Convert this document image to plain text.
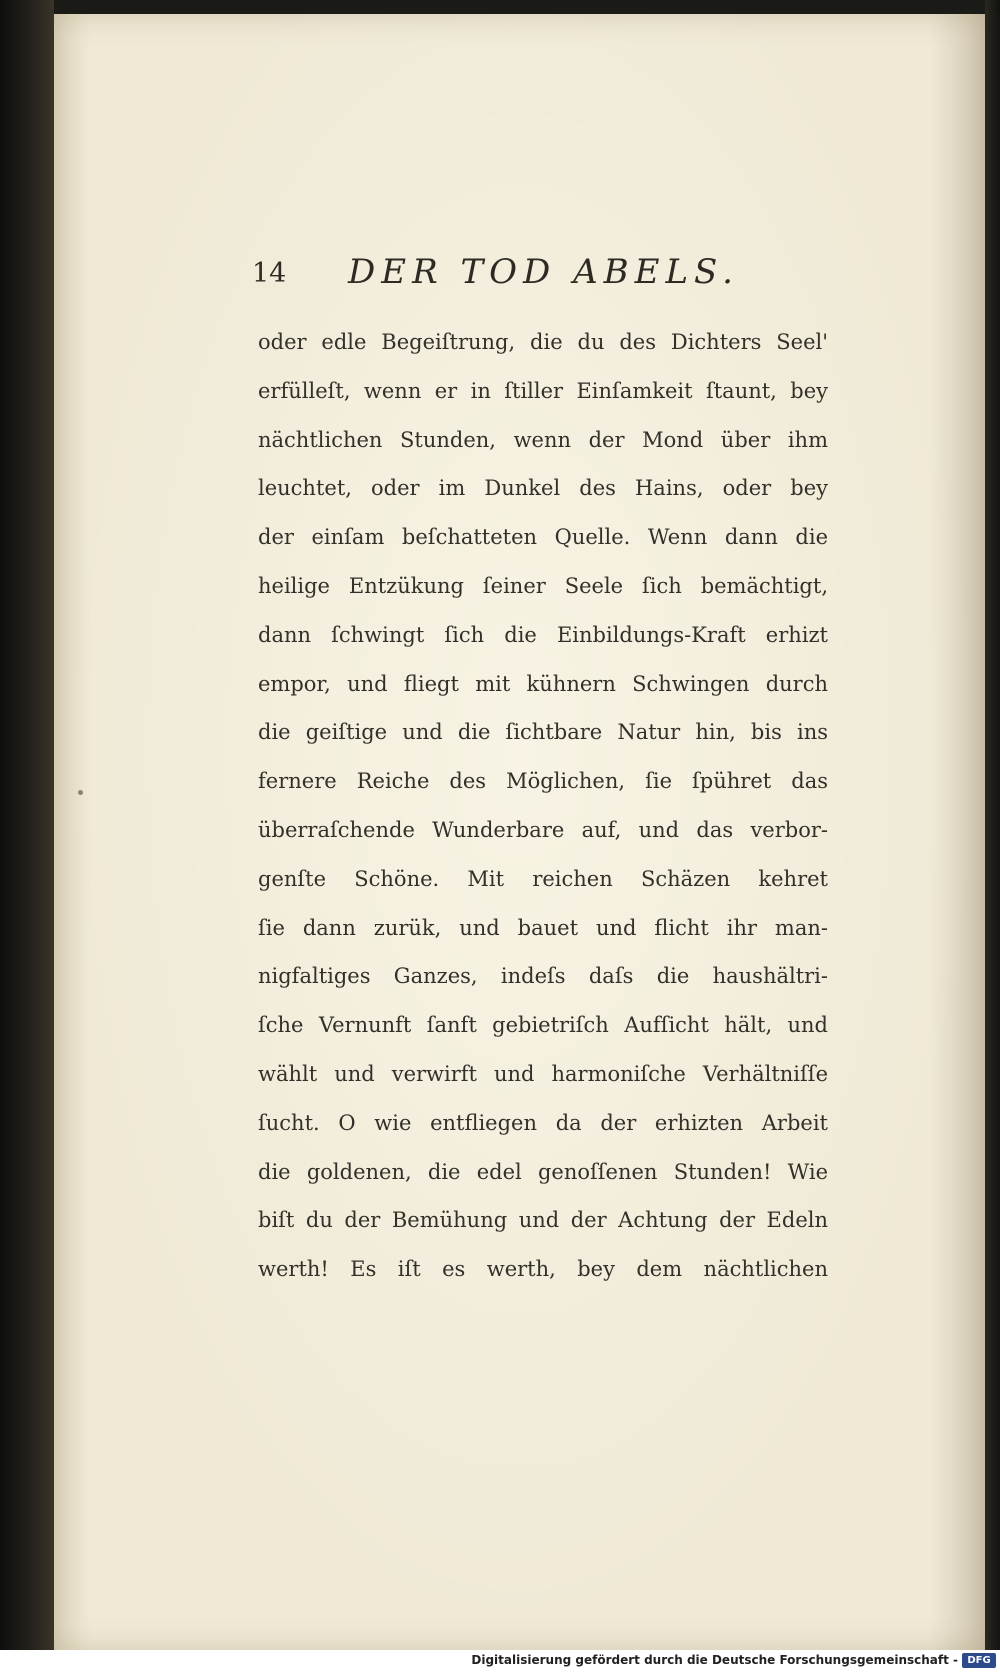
14 DER TOD ABELS.
oder edle Begeiſtrung, die du des Dichters Seel'
erfülleſt, wenn er in ſtiller Einſamkeit ſtaunt, bey
nächtlichen Stunden, wenn der Mond über ihm
leuchtet, oder im Dunkel des Hains, oder bey
der einſam beſchatteten Quelle. Wenn dann die
heilige Entzükung ſeiner Seele ſich bemächtigt,
dann ſchwingt ſich die Einbildungs-Kraft erhizt
empor, und fliegt mit kühnern Schwingen durch
die geiſtige und die ſichtbare Natur hin, bis ins
fernere Reiche des Möglichen, ſie ſpühret das
überraſchende Wunderbare auf, und das verbor-
genſte Schöne. Mit reichen Schäzen kehret
ſie dann zurük, und bauet und flicht ihr man-
nigfaltiges Ganzes, indeſs daſs die haushältri-
ſche Vernunft ſanft gebietriſch Aufſicht hält, und
wählt und verwirft und harmoniſche Verhältniſſe
ſucht. O wie entfliegen da der erhizten Arbeit
die goldenen, die edel genoſſenen Stunden! Wie
biſt du der Bemühung und der Achtung der Edeln
werth! Es iſt es werth, bey dem nächtlichen
Digitalisierung gefördert durch die Deutsche Forschungsgemeinschaft - DFG
